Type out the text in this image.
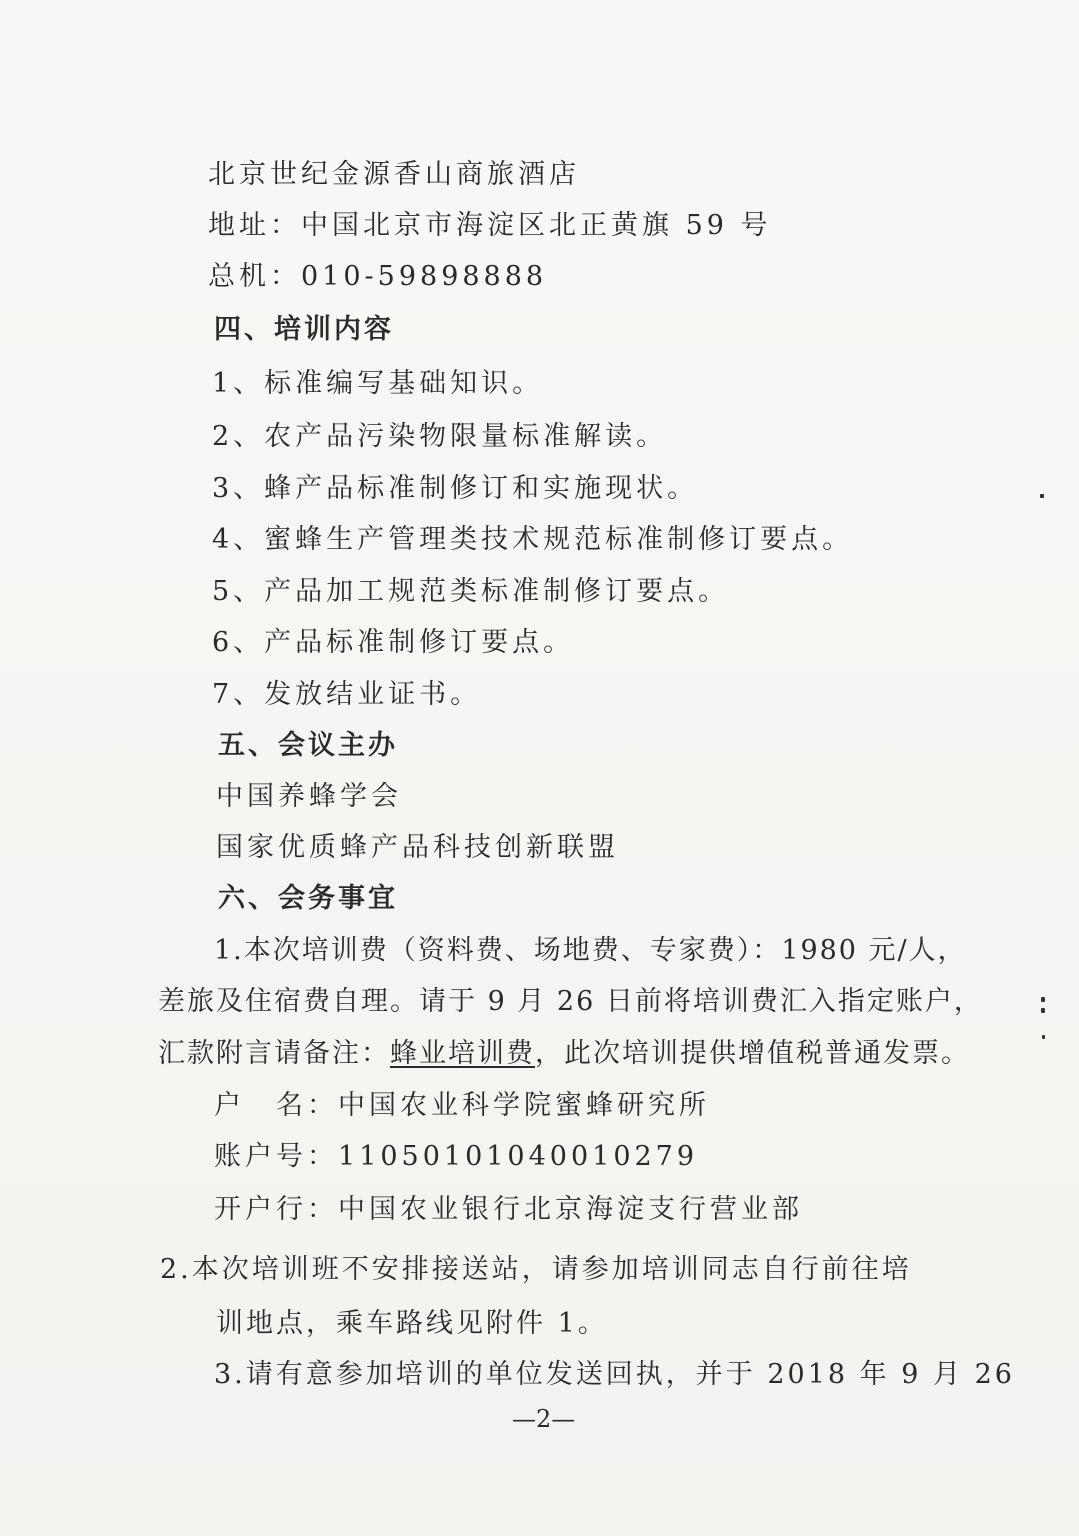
北京世纪金源香山商旅酒店
地址：中国北京市海淀区北正黄旗 59 号
总机：010-59898888
四、培训内容
1、标准编写基础知识。
2、农产品污染物限量标准解读。
3、蜂产品标准制修订和实施现状。
4、蜜蜂生产管理类技术规范标准制修订要点。
5、产品加工规范类标准制修订要点。
6、产品标准制修订要点。
7、发放结业证书。
五、会议主办
中国养蜂学会
国家优质蜂产品科技创新联盟
六、会务事宜
1.本次培训费（资料费、场地费、专家费）：1980 元/人，
差旅及住宿费自理。请于 9 月 26 日前将培训费汇入指定账户，
汇款附言请备注：蜂业培训费，此次培训提供增值税普通发票。
户　名：中国农业科学院蜜蜂研究所
账户号：11050101040010279
开户行：中国农业银行北京海淀支行营业部
2.本次培训班不安排接送站，请参加培训同志自行前往培
训地点，乘车路线见附件 1。
3.请有意参加培训的单位发送回执，并于 2018 年 9 月 26
—2—
